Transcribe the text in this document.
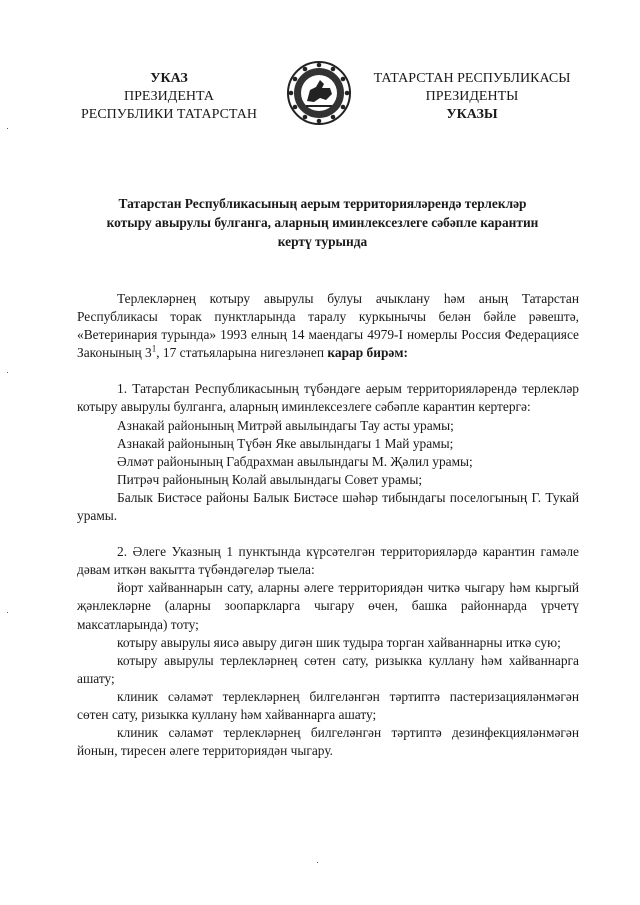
УКАЗ
ПРЕЗИДЕНТА
РЕСПУБЛИКИ ТАТАРСТАН
ТАТАРСТАН РЕСПУБЛИКАСЫ
ПРЕЗИДЕНТЫ
УКАЗЫ
Татарстан Республикасының аерым территорияләрендә терлекләр
котыру авырулы булганга, аларның иминлексезлеге сәбәпле карантин
кертү турында

Терлекләрнең котыру авырулы булуы ачыклану һәм аның Татарстан Республикасы торак пунктларында таралу куркынычы белән бәйле рәвештә, «Ветеринария турында» 1993 елның 14 маендагы 4979-I номерлы Россия Федерациясе Законының $3^1$, 17 статьяларына нигезләнеп карар бирәм:

1. Татарстан Республикасының түбәндәге аерым территорияләрендә терлекләр котыру авырулы булганга, аларның иминлексезлеге сәбәпле карантин кертергә:

Азнакай районының Митрәй авылындагы Тау асты урамы;

Азнакай районының Түбән Яке авылындагы 1 Май урамы;

Әлмәт районының Габдрахман авылындагы М. Җәлил урамы;

Питрәч районының Колай авылындагы Совет урамы;

Балык Бистәсе районы Балык Бистәсе шәһәр тибындагы поселогының Г. Тукай урамы.

2. Әлеге Указның 1 пунктында күрсәтелгән территорияләрдә карантин гамәле дәвам иткән вакытта түбәндәгеләр тыела:

йорт хайваннарын сату, аларны әлеге территориядән читкә чыгару һәм кыргый җәнлекләрне (аларны зоопаркларга чыгару өчен, башка районнарда үрчетү максатларында) тоту;

котыру авырулы яисә авыру дигән шик тудыра торган хайваннарны иткә сую;

котыру авырулы терлекләрнең сөтен сату, ризыкка куллану һәм хайваннарга ашату;

клиник сәламәт терлекләрнең билгеләнгән тәртиптә пастеризацияләнмәгән сөтен сату, ризыкка куллану һәм хайваннарга ашату;

клиник сәламәт терлекләрнең билгеләнгән тәртиптә дезинфекцияләнмәгән йонын, тиресен әлеге территориядән чыгару.
